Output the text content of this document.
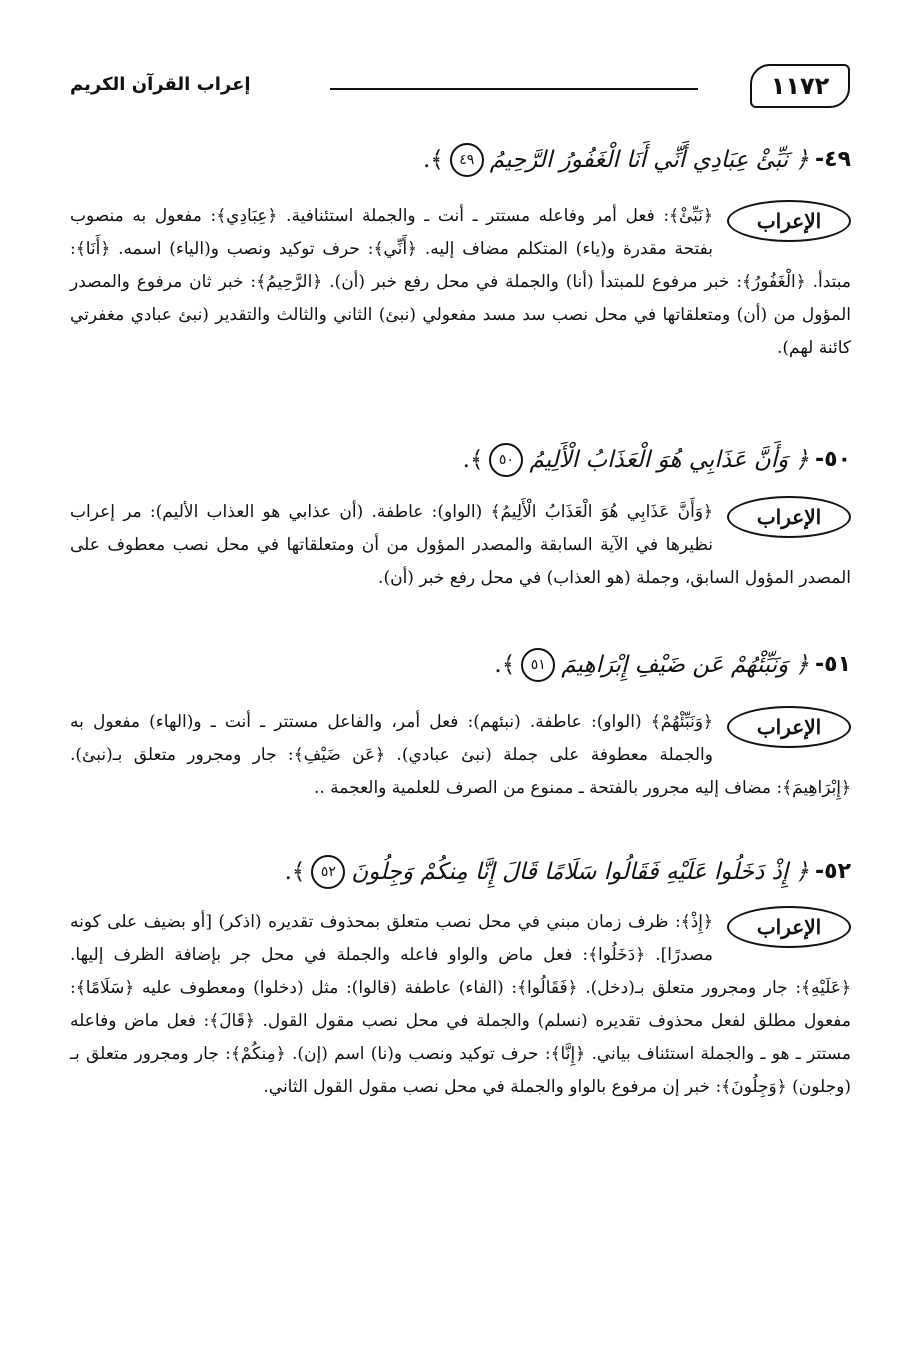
١١٧٢
إعراب القرآن الكريم
٤٩-
﴿ نَبِّئْ عِبَادِي أَنِّي أَنَا الْغَفُورُ الرَّحِيمُ
٤٩
﴾.
الإعراب

﴿نَبِّئْ﴾: فعل أمر وفاعله مستتر ـ أنت ـ والجملة استئنافية. ﴿عِبَادِي﴾: مفعول به منصوب بفتحة مقدرة و(ياء) المتكلم مضاف إليه. ﴿أَنِّي﴾: حرف توكيد ونصب و(الياء) اسمه. ﴿أَنَا﴾: مبتدأ. ﴿الْغَفُورُ﴾: خبر مرفوع للمبتدأ (أنا) والجملة في محل رفع خبر (أن). ﴿الرَّحِيمُ﴾: خبر ثان مرفوع والمصدر المؤول من (أن) ومتعلقاتها في محل نصب سد مسد مفعولي (نبئ) الثاني والثالث والتقدير (نبئ عبادي مغفرتي كائنة لهم).

٥٠-
﴿ وَأَنَّ عَذَابِي هُوَ الْعَذَابُ الْأَلِيمُ
٥٠
﴾.
الإعراب

﴿وَأَنَّ عَذَابِي هُوَ الْعَذَابُ الْأَلِيمُ﴾ (الواو): عاطفة. (أن عذابي هو العذاب الأليم): مر إعراب نظيرها في الآية السابقة والمصدر المؤول من أن ومتعلقاتها في محل نصب معطوف على المصدر المؤول السابق، وجملة (هو العذاب) في محل رفع خبر (أن).

٥١-
﴿ وَنَبِّئْهُمْ عَن ضَيْفِ إِبْرَاهِيمَ
٥١
﴾.
الإعراب

﴿وَنَبِّئْهُمْ﴾ (الواو): عاطفة. (نبئهم): فعل أمر، والفاعل مستتر ـ أنت ـ و(الهاء) مفعول به والجملة معطوفة على جملة (نبئ عبادي). ﴿عَن ضَيْفِ﴾: جار ومجرور متعلق بـ(نبئ). ﴿إِبْرَاهِيمَ﴾: مضاف إليه مجرور بالفتحة ـ ممنوع من الصرف للعلمية والعجمة ..

٥٢-
﴿ إِذْ دَخَلُوا عَلَيْهِ فَقَالُوا سَلَامًا قَالَ إِنَّا مِنكُمْ وَجِلُونَ
٥٢
﴾.
الإعراب

﴿إِذْ﴾: ظرف زمان مبني في محل نصب متعلق بمحذوف تقديره (اذكر) [أو بضيف على كونه مصدرًا]. ﴿دَخَلُوا﴾: فعل ماض والواو فاعله والجملة في محل جر بإضافة الظرف إليها. ﴿عَلَيْهِ﴾: جار ومجرور متعلق بـ(دخل). ﴿فَقَالُوا﴾: (الفاء) عاطفة (قالوا): مثل (دخلوا) ومعطوف عليه ﴿سَلَامًا﴾: مفعول مطلق لفعل محذوف تقديره (نسلم) والجملة في محل نصب مقول القول. ﴿قَالَ﴾: فعل ماض وفاعله مستتر ـ هو ـ والجملة استئناف بياني. ﴿إِنَّا﴾: حرف توكيد ونصب و(نا) اسم (إن). ﴿مِنكُمْ﴾: جار ومجرور متعلق بـ (وجلون) ﴿وَجِلُونَ﴾: خبر إن مرفوع بالواو والجملة في محل نصب مقول القول الثاني.
